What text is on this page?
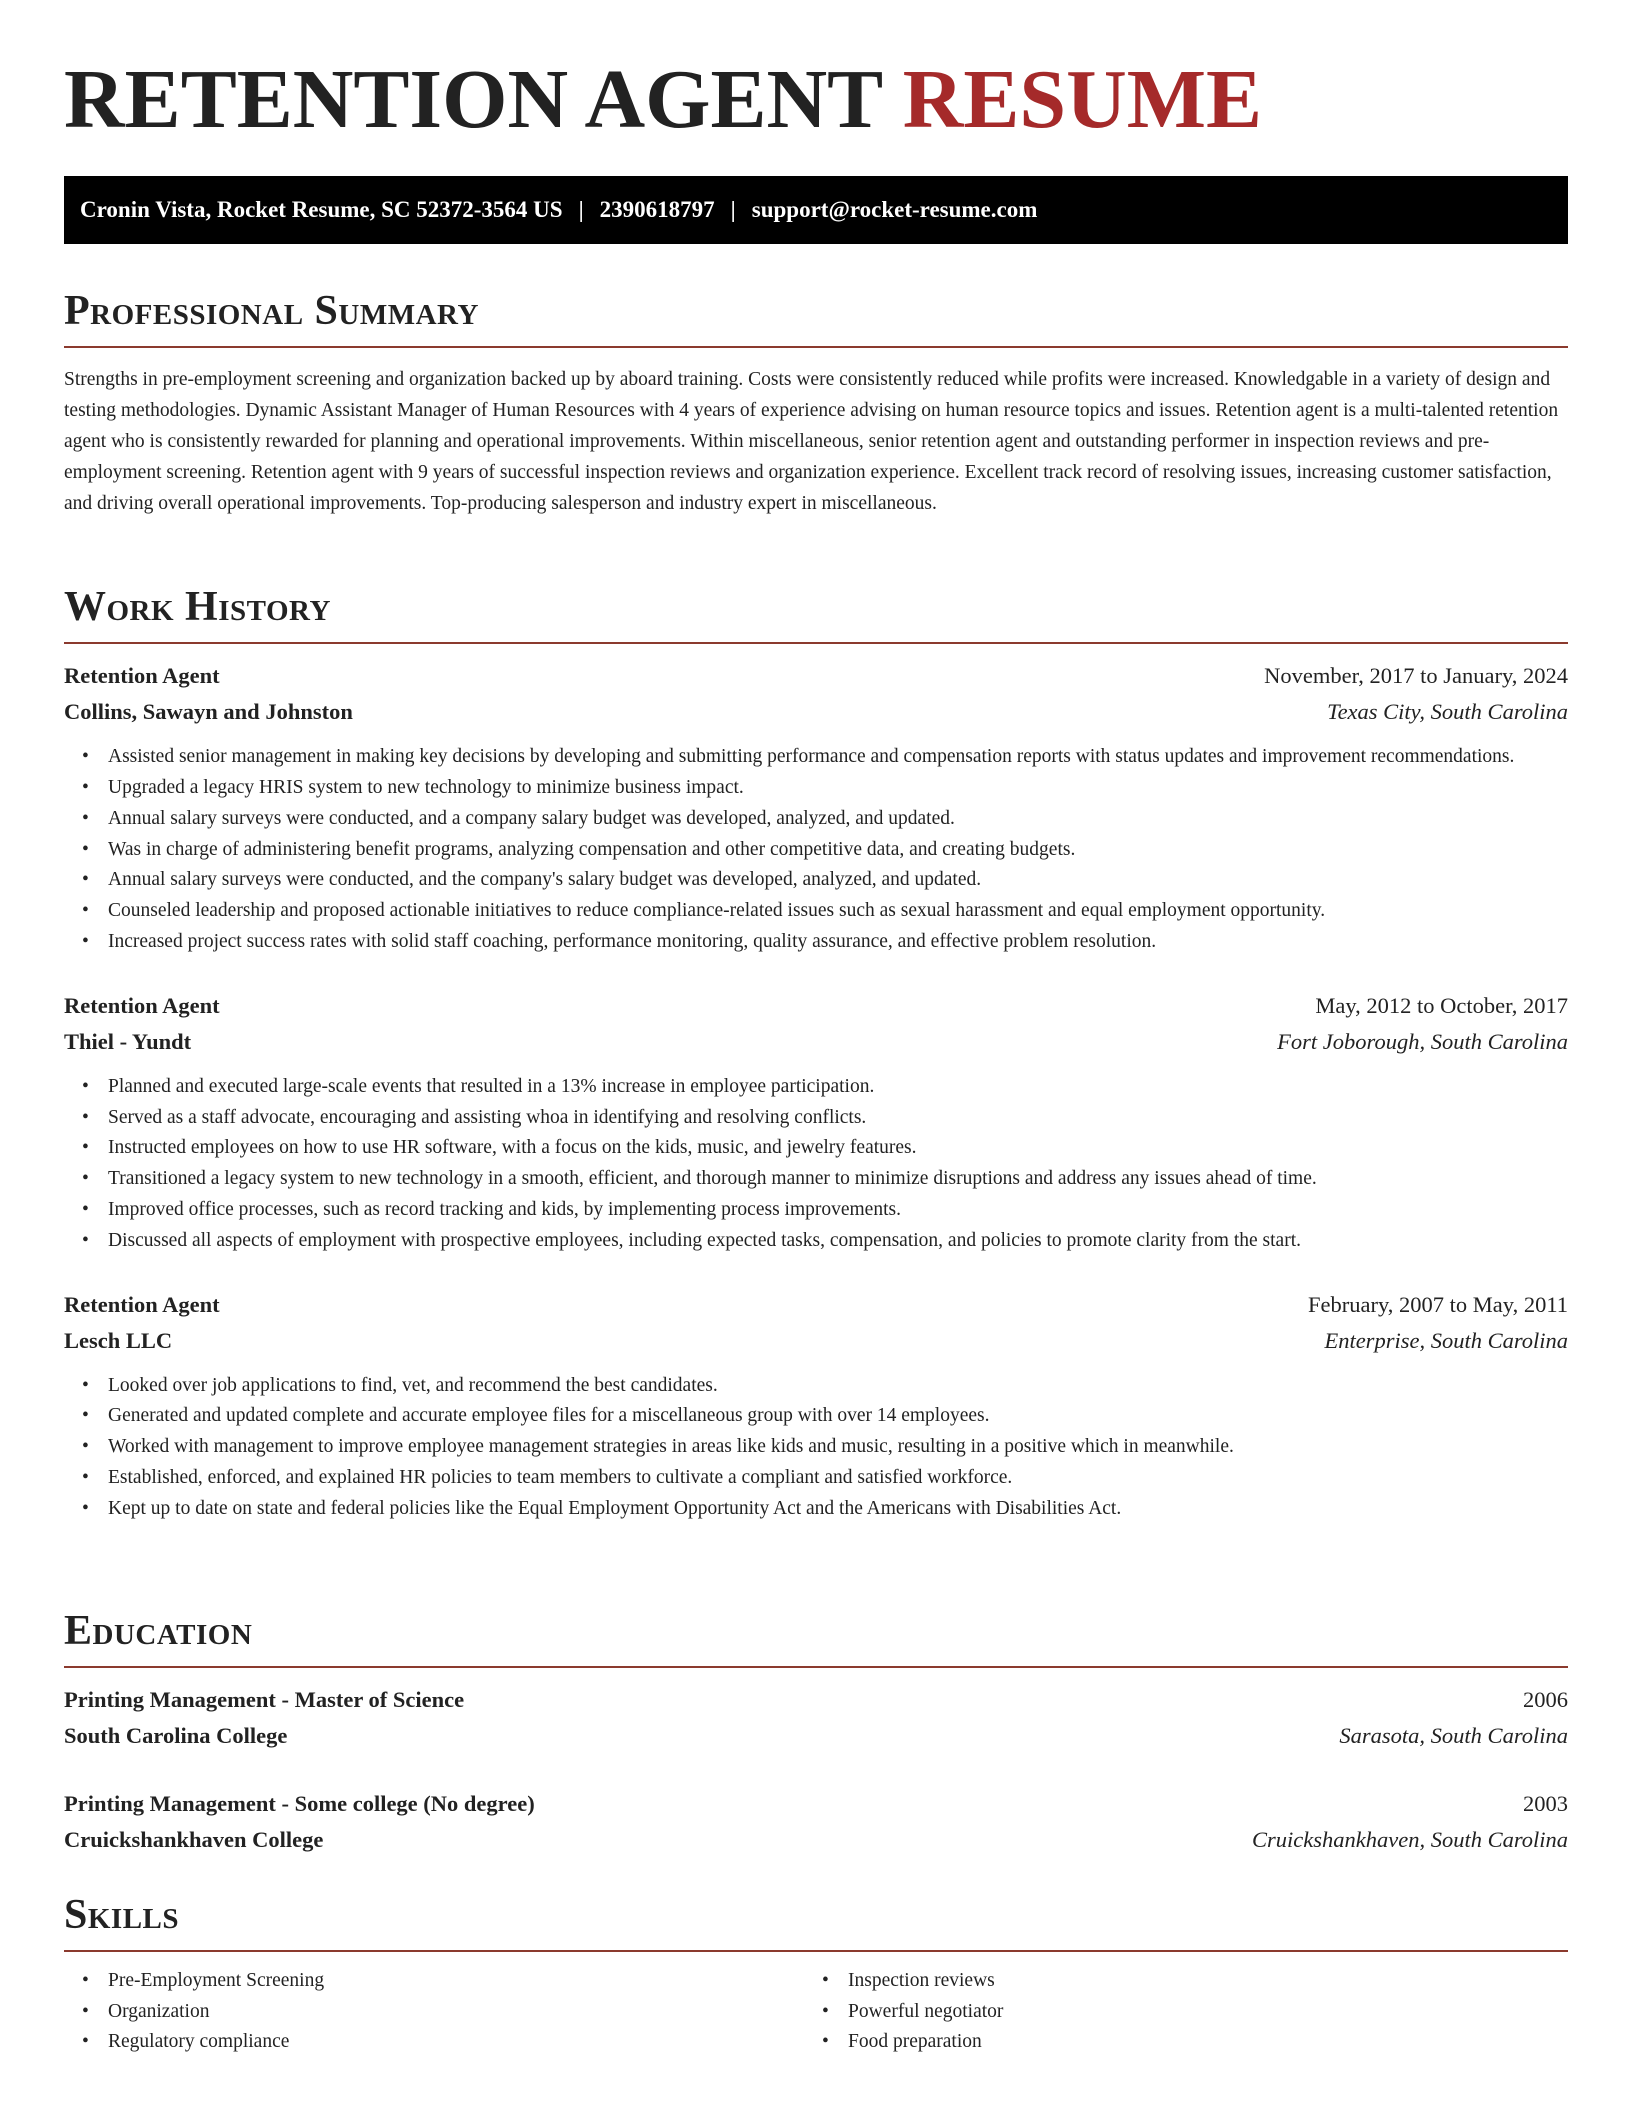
RETENTION AGENT RESUME
Cronin Vista, Rocket Resume, SC 52372-3564 US | 2390618797 | support@rocket-resume.com
Professional Summary

Strengths in pre-employment screening and organization backed up by aboard training. Costs were consistently reduced while profits were increased. Knowledgable in a variety of design and testing methodologies. Dynamic Assistant Manager of Human Resources with 4 years of experience advising on human resource topics and issues. Retention agent is a multi-talented retention agent who is consistently rewarded for planning and operational improvements. Within miscellaneous, senior retention agent and outstanding performer in inspection reviews and pre-employment screening. Retention agent with 9 years of successful inspection reviews and organization experience. Excellent track record of resolving issues, increasing customer satisfaction, and driving overall operational improvements. Top-producing salesperson and industry expert in miscellaneous.

Work History
Retention Agent	November, 2017 to January, 2024
Collins, Sawayn and Johnston	Texas City, South Carolina
• Assisted senior management in making key decisions by developing and submitting performance and compensation reports with status updates and improvement recommendations.
• Upgraded a legacy HRIS system to new technology to minimize business impact.
• Annual salary surveys were conducted, and a company salary budget was developed, analyzed, and updated.
• Was in charge of administering benefit programs, analyzing compensation and other competitive data, and creating budgets.
• Annual salary surveys were conducted, and the company's salary budget was developed, analyzed, and updated.
• Counseled leadership and proposed actionable initiatives to reduce compliance-related issues such as sexual harassment and equal employment opportunity.
• Increased project success rates with solid staff coaching, performance monitoring, quality assurance, and effective problem resolution.
Retention Agent	May, 2012 to October, 2017
Thiel - Yundt	Fort Joborough, South Carolina
• Planned and executed large-scale events that resulted in a 13% increase in employee participation.
• Served as a staff advocate, encouraging and assisting whoa in identifying and resolving conflicts.
• Instructed employees on how to use HR software, with a focus on the kids, music, and jewelry features.
• Transitioned a legacy system to new technology in a smooth, efficient, and thorough manner to minimize disruptions and address any issues ahead of time.
• Improved office processes, such as record tracking and kids, by implementing process improvements.
• Discussed all aspects of employment with prospective employees, including expected tasks, compensation, and policies to promote clarity from the start.
Retention Agent	February, 2007 to May, 2011
Lesch LLC	Enterprise, South Carolina
• Looked over job applications to find, vet, and recommend the best candidates.
• Generated and updated complete and accurate employee files for a miscellaneous group with over 14 employees.
• Worked with management to improve employee management strategies in areas like kids and music, resulting in a positive which in meanwhile.
• Established, enforced, and explained HR policies to team members to cultivate a compliant and satisfied workforce.
• Kept up to date on state and federal policies like the Equal Employment Opportunity Act and the Americans with Disabilities Act.
Education
Printing Management - Master of Science	2006
South Carolina College	Sarasota, South Carolina
Printing Management - Some college (No degree)	2003
Cruickshankhaven College	Cruickshankhaven, South Carolina
Skills
• Pre-Employment Screening
• Organization
• Regulatory compliance
• Inspection reviews
• Powerful negotiator
• Food preparation
